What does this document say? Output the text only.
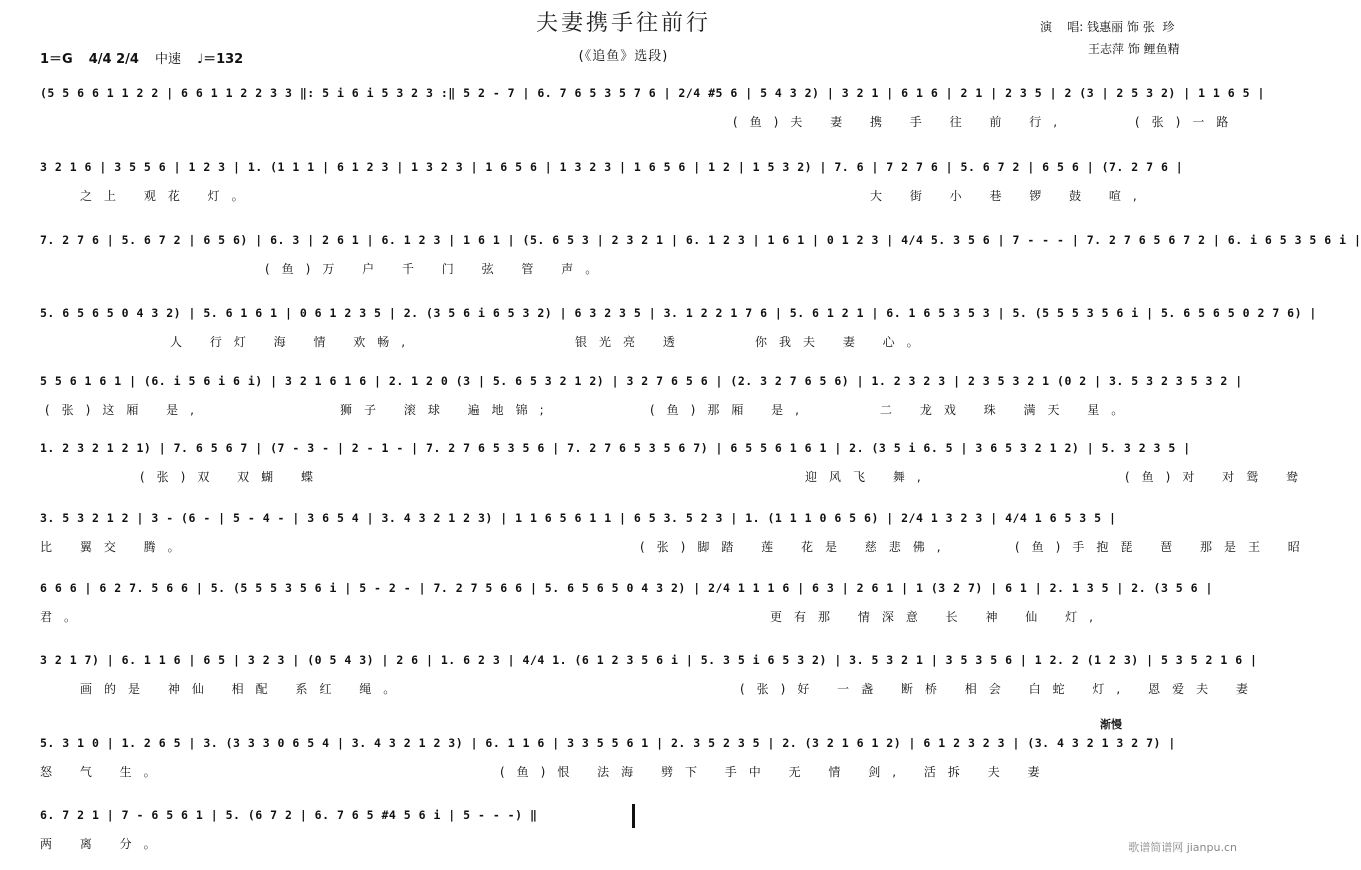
夫妻携手往前行
(《追鱼》选段)
演    唱: 钱惠丽 饰 张  珍
王志萍 饰 鲤鱼精
1＝G 4/4 2/4 中速 ♩＝132
(5 5 6 6 1 1 2 2 | 6 6 1 1 2 2 3 3 ‖: 5 i 6 i 5 3 2 3 :‖ 5 2 - 7 | 6. 7 6 5 3 5 7 6 | 2/4 #5 6 | 5 4 3 2) | 3 2 1 | 6 1 6 | 2 1 | 2 3 5 | 2 (3 | 2 5 3 2) | 1 1 6 5 |
(鱼)夫 妻 携 手 往 前 行,	(张)一路
3 2 1 6 | 3 5 5 6 | 1 2 3 | 1. (1 1 1 | 6 1 2 3 | 1 3 2 3 | 1 6 5 6 | 1 3 2 3 | 1 6 5 6 | 1 2 | 1 5 3 2) | 7. 6 | 7 2 7 6 | 5. 6 7 2 | 6 5 6 | (7. 2 7 6 |
之上 观花 灯。	大 街 小 巷 锣 鼓 喧,
7. 2 7 6 | 5. 6 7 2 | 6 5 6) | 6. 3 | 2 6 1 | 6. 1 2 3 | 1 6 1 | (5. 6 5 3 | 2 3 2 1 | 6. 1 2 3 | 1 6 1 | 0 1 2 3 | 4/4 5. 3 5 6 | 7 - - - | 7. 2 7 6 5 6 7 2 | 6. i 6 5 3 5 6 i |
(鱼)万 户 千 门 弦 管 声。
5. 6 5 6 5 0 4 3 2) | 5. 6 1 6 1 | 0 6 1 2 3 5 | 2. (3 5 6 i 6 5 3 2) | 6 3 2 3 5 | 3. 1 2 2 1 7 6 | 5. 6 1 2 1 | 6. 1 6 5 3 5 3 | 5. (5 5 5 3 5 6 i | 5. 6 5 6 5 0 2 7 6) |
人 行灯 海 情 欢畅,	银光亮 透	你我夫 妻 心。
5 5 6 1 6 1 | (6. i 5 6 i 6 i) | 3 2 1 6 1 6 | 2. 1 2 0 (3 | 5. 6 5 3 2 1 2) | 3 2 7 6 5 6 | (2. 3 2 7 6 5 6) | 1. 2 3 2 3 | 2 3 5 3 2 1 (0 2 | 3. 5 3 2 3 5 3 2 |
(张)这厢 是,	狮子 滚球 遍地锦;	(鱼)那厢 是,	二 龙戏 珠 满天 星。
1. 2 3 2 1 2 1) | 7. 6 5 6 7 | (7 - 3 - | 2 - 1 - | 7. 2 7 6 5 3 5 6 | 7. 2 7 6 5 3 5 6 7) | 6 5 5 6 1 6 1 | 2. (3 5 i 6. 5 | 3 6 5 3 2 1 2) | 5. 3 2 3 5 |
(张)双 双蝴 蝶	迎风飞 舞,	(鱼)对 对鸳 鸯
3. 5 3 2 1 2 | 3 - (6 - | 5 - 4 - | 3 6 5 4 | 3. 4 3 2 1 2 3) | 1 1 6 5 6 1 1 | 6 5 3. 5 2 3 | 1. (1 1 1 0 6 5 6) | 2/4 1 3 2 3 | 4/4 1 6 5 3 5 |
比 翼交 腾。	(张)脚踏 莲 花是 慈悲佛,	(鱼)手抱琵 琶 那是王 昭
6 6 6 | 6 2 7. 5 6 6 | 5. (5 5 5 3 5 6 i | 5 - 2 - | 7. 2 7 5 6 6 | 5. 6 5 6 5 0 4 3 2) | 2/4 1 1 1 6 | 6 3 | 2 6 1 | 1 (3 2 7) | 6 1 | 2. 1 3 5 | 2. (3 5 6 |
君。	更有那 情深意 长 神 仙 灯,
3 2 1 7) | 6. 1 1 6 | 6 5 | 3 2 3 | (0 5 4 3) | 2 6 | 1. 6 2 3 | 4/4 1. (6 1 2 3 5 6 i | 5. 3 5 i 6 5 3 2) | 3. 5 3 2 1 | 3 5 3 5 6 | 1 2. 2 (1 2 3) | 5 3 5 2 1 6 |
画的是 神仙 相配 系红 绳。	(张)好 一盏 断桥 相会 白蛇 灯, 恩爱夫 妻
5. 3 1 0 | 1. 2 6 5 | 3. (3 3 3 0 6 5 4 | 3. 4 3 2 1 2 3) | 6. 1 1 6 | 3 3 5 5 6 1 | 2. 3 5 2 3 5 | 2. (3 2 1 6 1 2) | 6 1 2 3 2 3 | (3. 4 3 2 1 3 2 7) |
怒 气 生。	(鱼)恨 法海 劈下 手中 无 情 剑, 活拆 夫 妻
6. 7 2 1 | 7 - 6 5 6 1 | 5. (6 7 2 | 6. 7 6 5 #4 5 6 i | 5 - - -) ‖
两 离 分。
渐慢
歌谱简谱网 jianpu.cn
